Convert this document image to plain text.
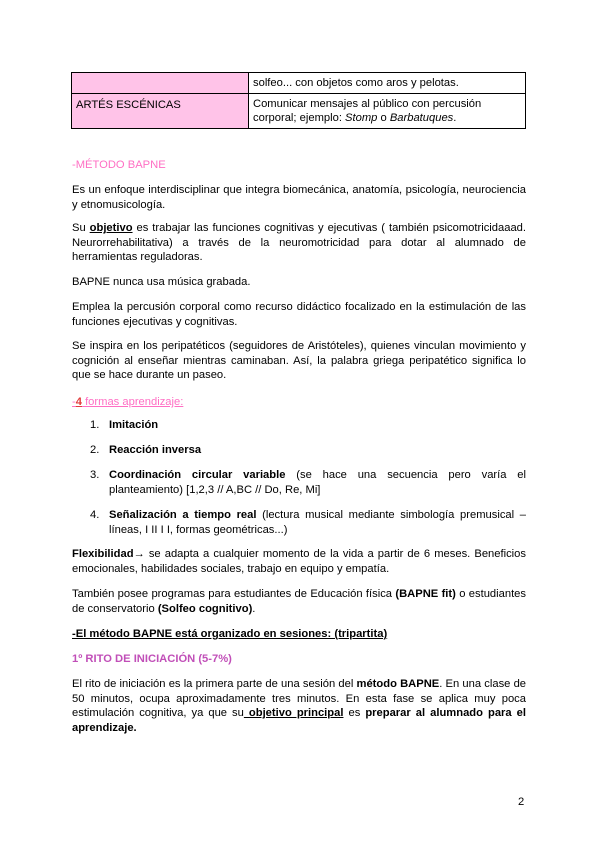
	solfeo... con objetos como aros y pelotas.
ARTÉS ESCÉNICAS	Comunicar mensajes al público con percusión corporal; ejemplo: Stomp o Barbatuques.
-MÉTODO BAPNE
Es un enfoque interdisciplinar que integra biomecánica, anatomía, psicología, neurociencia y etnomusicología.
Su objetivo es trabajar las funciones cognitivas y ejecutivas ( también psicomotricidaaad. Neurorrehabilitativa) a través de la neuromotricidad para dotar al alumnado de herramientas reguladoras.
BAPNE nunca usa música grabada.
Emplea la percusión corporal como recurso didáctico focalizado en la estimulación de las funciones ejecutivas y cognitivas.
Se inspira en los peripatéticos (seguidores de Aristóteles), quienes vinculan movimiento y cognición al enseñar mientras caminaban. Así, la palabra griega peripatético significa lo que se hace durante un paseo.
-4 formas aprendizaje:
1. Imitación
2. Reacción inversa
3. Coordinación circular variable (se hace una secuencia pero varía el planteamiento) [1,2,3 // A,BC // Do, Re, Mi]
4. Señalización a tiempo real (lectura musical mediante simbología premusical – líneas, I II I I, formas geométricas...)
Flexibilidad→ se adapta a cualquier momento de la vida a partir de 6 meses. Beneficios emocionales, habilidades sociales, trabajo en equipo y empatía.
También posee programas para estudiantes de Educación física (BAPNE fit) o estudiantes de conservatorio (Solfeo cognitivo).
-El método BAPNE está organizado en sesiones: (tripartita)
1º RITO DE INICIACIÓN (5-7%)
El rito de iniciación es la primera parte de una sesión del método BAPNE. En una clase de 50 minutos, ocupa aproximadamente tres minutos. En esta fase se aplica muy poca estimulación cognitiva, ya que su objetivo principal es preparar al alumnado para el aprendizaje.
2
